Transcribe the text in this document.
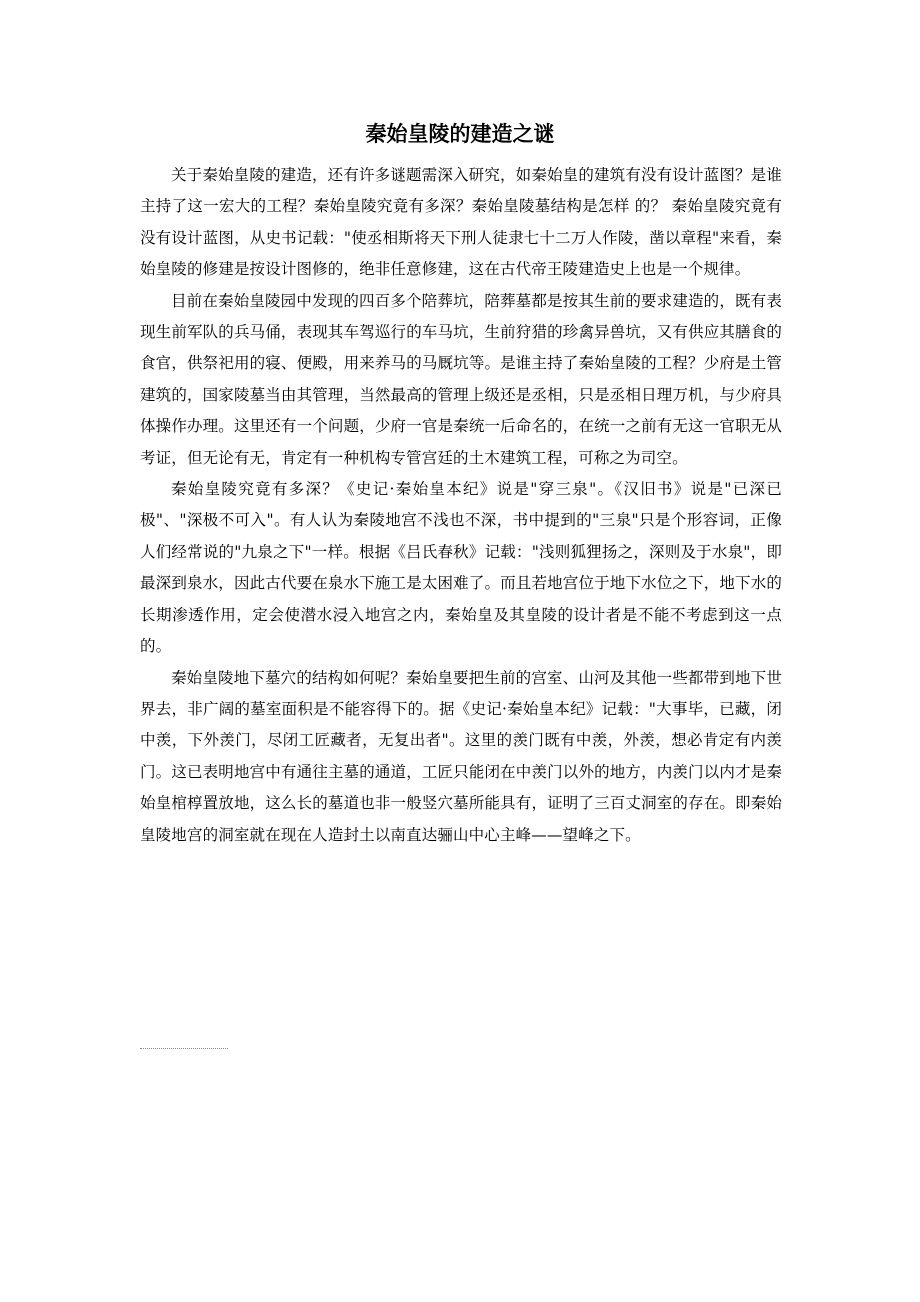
秦始皇陵的建造之谜

关于秦始皇陵的建造，还有许多谜题需深入研究，如秦始皇的建筑有没有设计蓝图？是谁主持了这一宏大的工程？秦始皇陵究竟有多深？秦始皇陵墓结构是怎样 的？ 秦始皇陵究竟有没有设计蓝图，从史书记载："使丞相斯将天下刑人徒隶七十二万人作陵，凿以章程"来看，秦始皇陵的修建是按设计图修的，绝非任意修建，这在古代帝王陵建造史上也是一个规律。

目前在秦始皇陵园中发现的四百多个陪葬坑，陪葬墓都是按其生前的要求建造的，既有表现生前军队的兵马俑，表现其车驾巡行的车马坑，生前狩猎的珍禽异兽坑，又有供应其膳食的食官，供祭祀用的寝、便殿，用来养马的马厩坑等。是谁主持了秦始皇陵的工程？少府是土管建筑的，国家陵墓当由其管理，当然最高的管理上级还是丞相，只是丞相日理万机，与少府具体操作办理。这里还有一个问题，少府一官是秦统一后命名的，在统一之前有无这一官职无从考证，但无论有无，肯定有一种机构专管宫廷的土木建筑工程，可称之为司空。

秦始皇陵究竟有多深？《史记·秦始皇本纪》说是"穿三泉"。《汉旧书》说是"已深已极"、"深极不可入"。有人认为秦陵地宫不浅也不深，书中提到的"三泉"只是个形容词，正像人们经常说的"九泉之下"一样。根据《吕氏春秋》记载："浅则狐狸扬之，深则及于水泉"，即最深到泉水，因此古代要在泉水下施工是太困难了。而且若地宫位于地下水位之下，地下水的长期渗透作用，定会使潜水浸入地宫之内，秦始皇及其皇陵的设计者是不能不考虑到这一点的。

秦始皇陵地下墓穴的结构如何呢？秦始皇要把生前的宫室、山河及其他一些都带到地下世界去，非广阔的墓室面积是不能容得下的。据《史记·秦始皇本纪》记载："大事毕，已藏，闭中羡，下外羡门，尽闭工匠藏者，无复出者"。这里的羡门既有中羡，外羡，想必肯定有内羡门。这已表明地宫中有通往主墓的通道，工匠只能闭在中羡门以外的地方，内羡门以内才是秦始皇棺椁置放地，这么长的墓道也非一般竖穴墓所能具有，证明了三百丈洞室的存在。即秦始皇陵地宫的洞室就在现在人造封土以南直达骊山中心主峰——望峰之下。
